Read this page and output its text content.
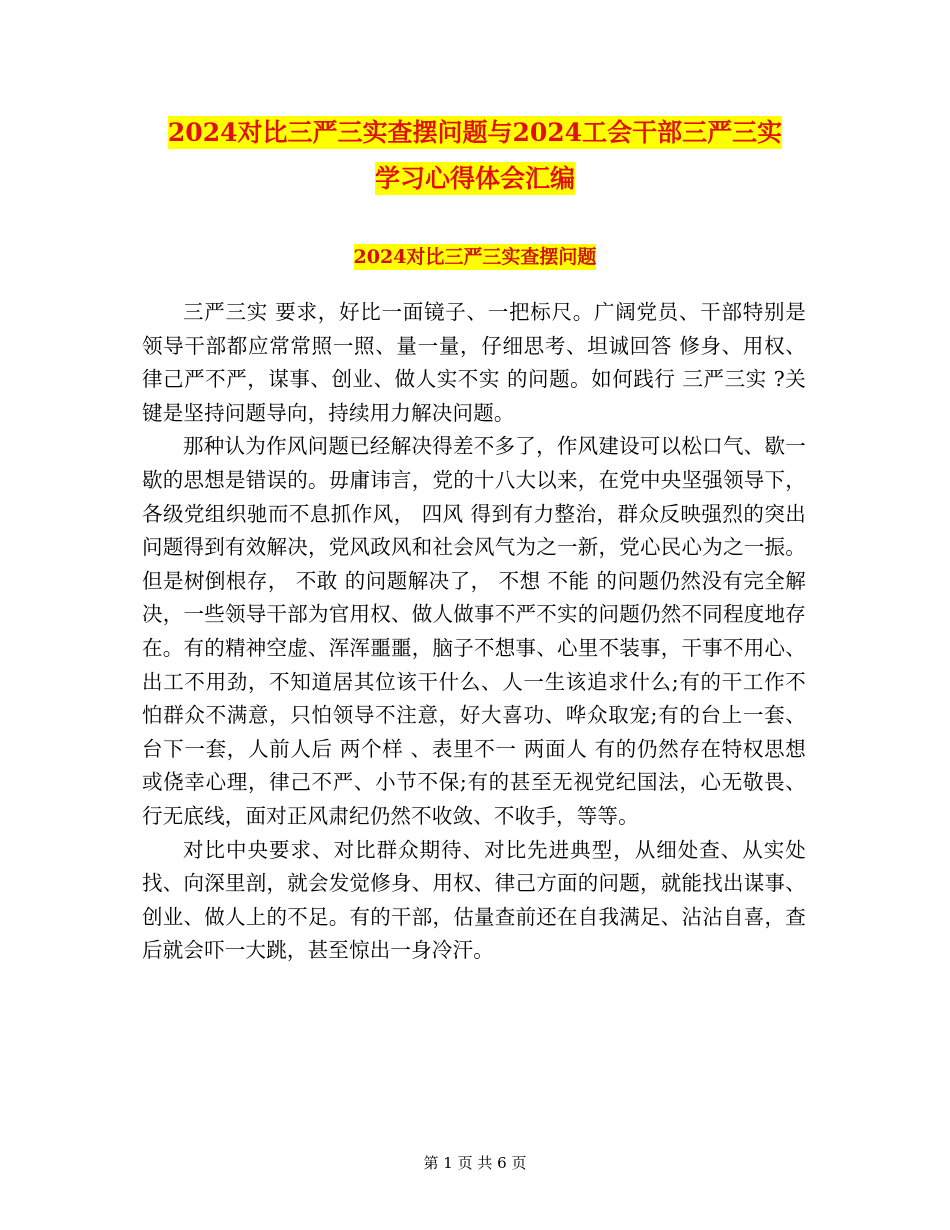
2024对比三严三实查摆问题与2024工会干部三严三实
学习心得体会汇编
2024对比三严三实查摆问题

三严三实 要求，好比一面镜子、一把标尺。广阔党员、干部特别是领导干部都应常常照一照、量一量，仔细思考、坦诚回答 修身、用权、律己严不严，谋事、创业、做人实不实 的问题。如何践行 三严三实 ?关键是坚持问题导向，持续用力解决问题。

那种认为作风问题已经解决得差不多了，作风建设可以松口气、歇一歇的思想是错误的。毋庸讳言，党的十八大以来，在党中央坚强领导下，各级党组织驰而不息抓作风， 四风 得到有力整治，群众反映强烈的突出问题得到有效解决，党风政风和社会风气为之一新，党心民心为之一振。但是树倒根存， 不敢 的问题解决了， 不想 不能 的问题仍然没有完全解决，一些领导干部为官用权、做人做事不严不实的问题仍然不同程度地存在。有的精神空虚、浑浑噩噩，脑子不想事、心里不装事，干事不用心、出工不用劲，不知道居其位该干什么、人一生该追求什么;有的干工作不怕群众不满意，只怕领导不注意，好大喜功、哗众取宠;有的台上一套、台下一套，人前人后 两个样 、表里不一 两面人 有的仍然存在特权思想或侥幸心理，律己不严、小节不保;有的甚至无视党纪国法，心无敬畏、行无底线，面对正风肃纪仍然不收敛、不收手，等等。

对比中央要求、对比群众期待、对比先进典型，从细处查、从实处找、向深里剖，就会发觉修身、用权、律己方面的问题，就能找出谋事、创业、做人上的不足。有的干部，估量查前还在自我满足、沾沾自喜，查后就会吓一大跳，甚至惊出一身冷汗。

第 1 页 共 6 页
